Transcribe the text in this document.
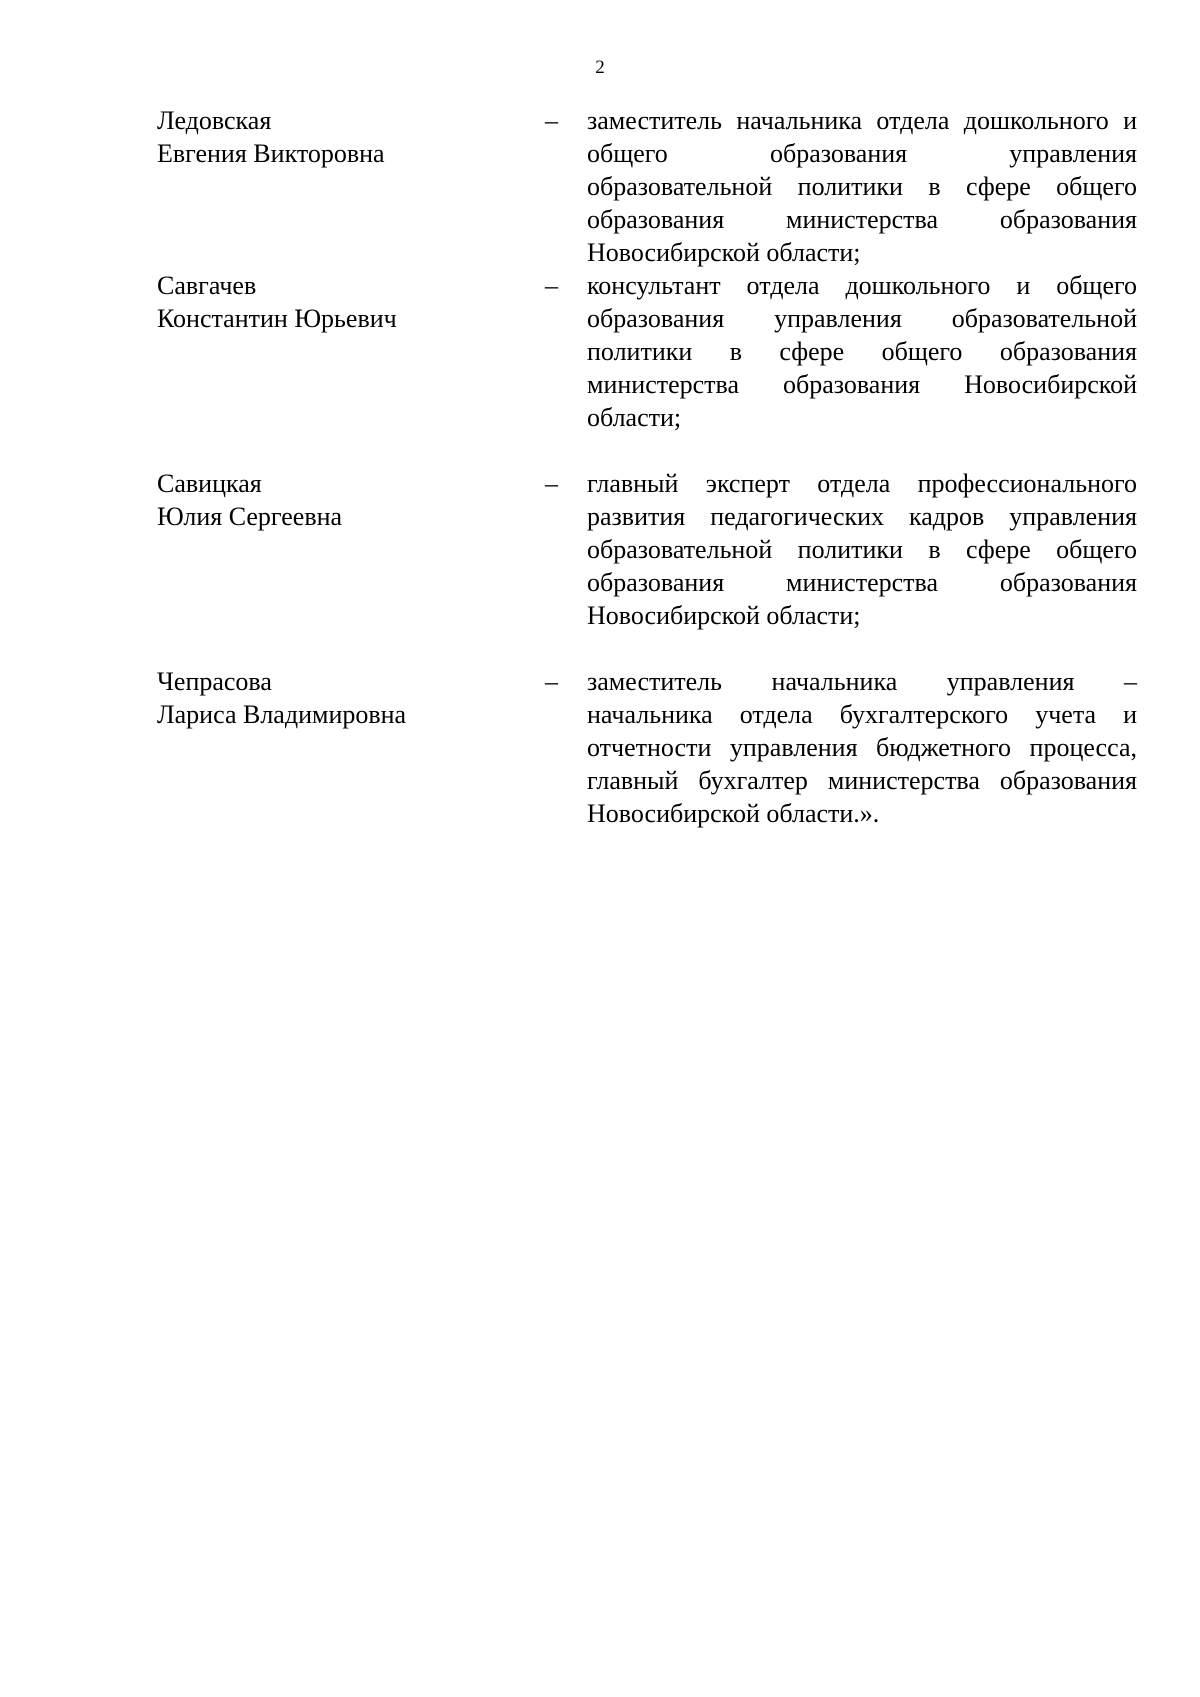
2
Ледовская
Евгения Викторовна
–	заместитель начальника отдела дошкольного и общего образования управления образовательной политики в сфере общего образования министерства образования Новосибирской области;
Савгачев
Константин Юрьевич
–	консультант отдела дошкольного и общего образования управления образовательной политики в сфере общего образования министерства образования Новосибирской области;
Савицкая
Юлия Сергеевна
–	главный эксперт отдела профессионального развития педагогических кадров управления образовательной политики в сфере общего образования министерства образования Новосибирской области;
Чепрасова
Лариса Владимировна
–	заместитель начальника управления – начальника отдела бухгалтерского учета и отчетности управления бюджетного процесса, главный бухгалтер министерства образования Новосибирской области.».
